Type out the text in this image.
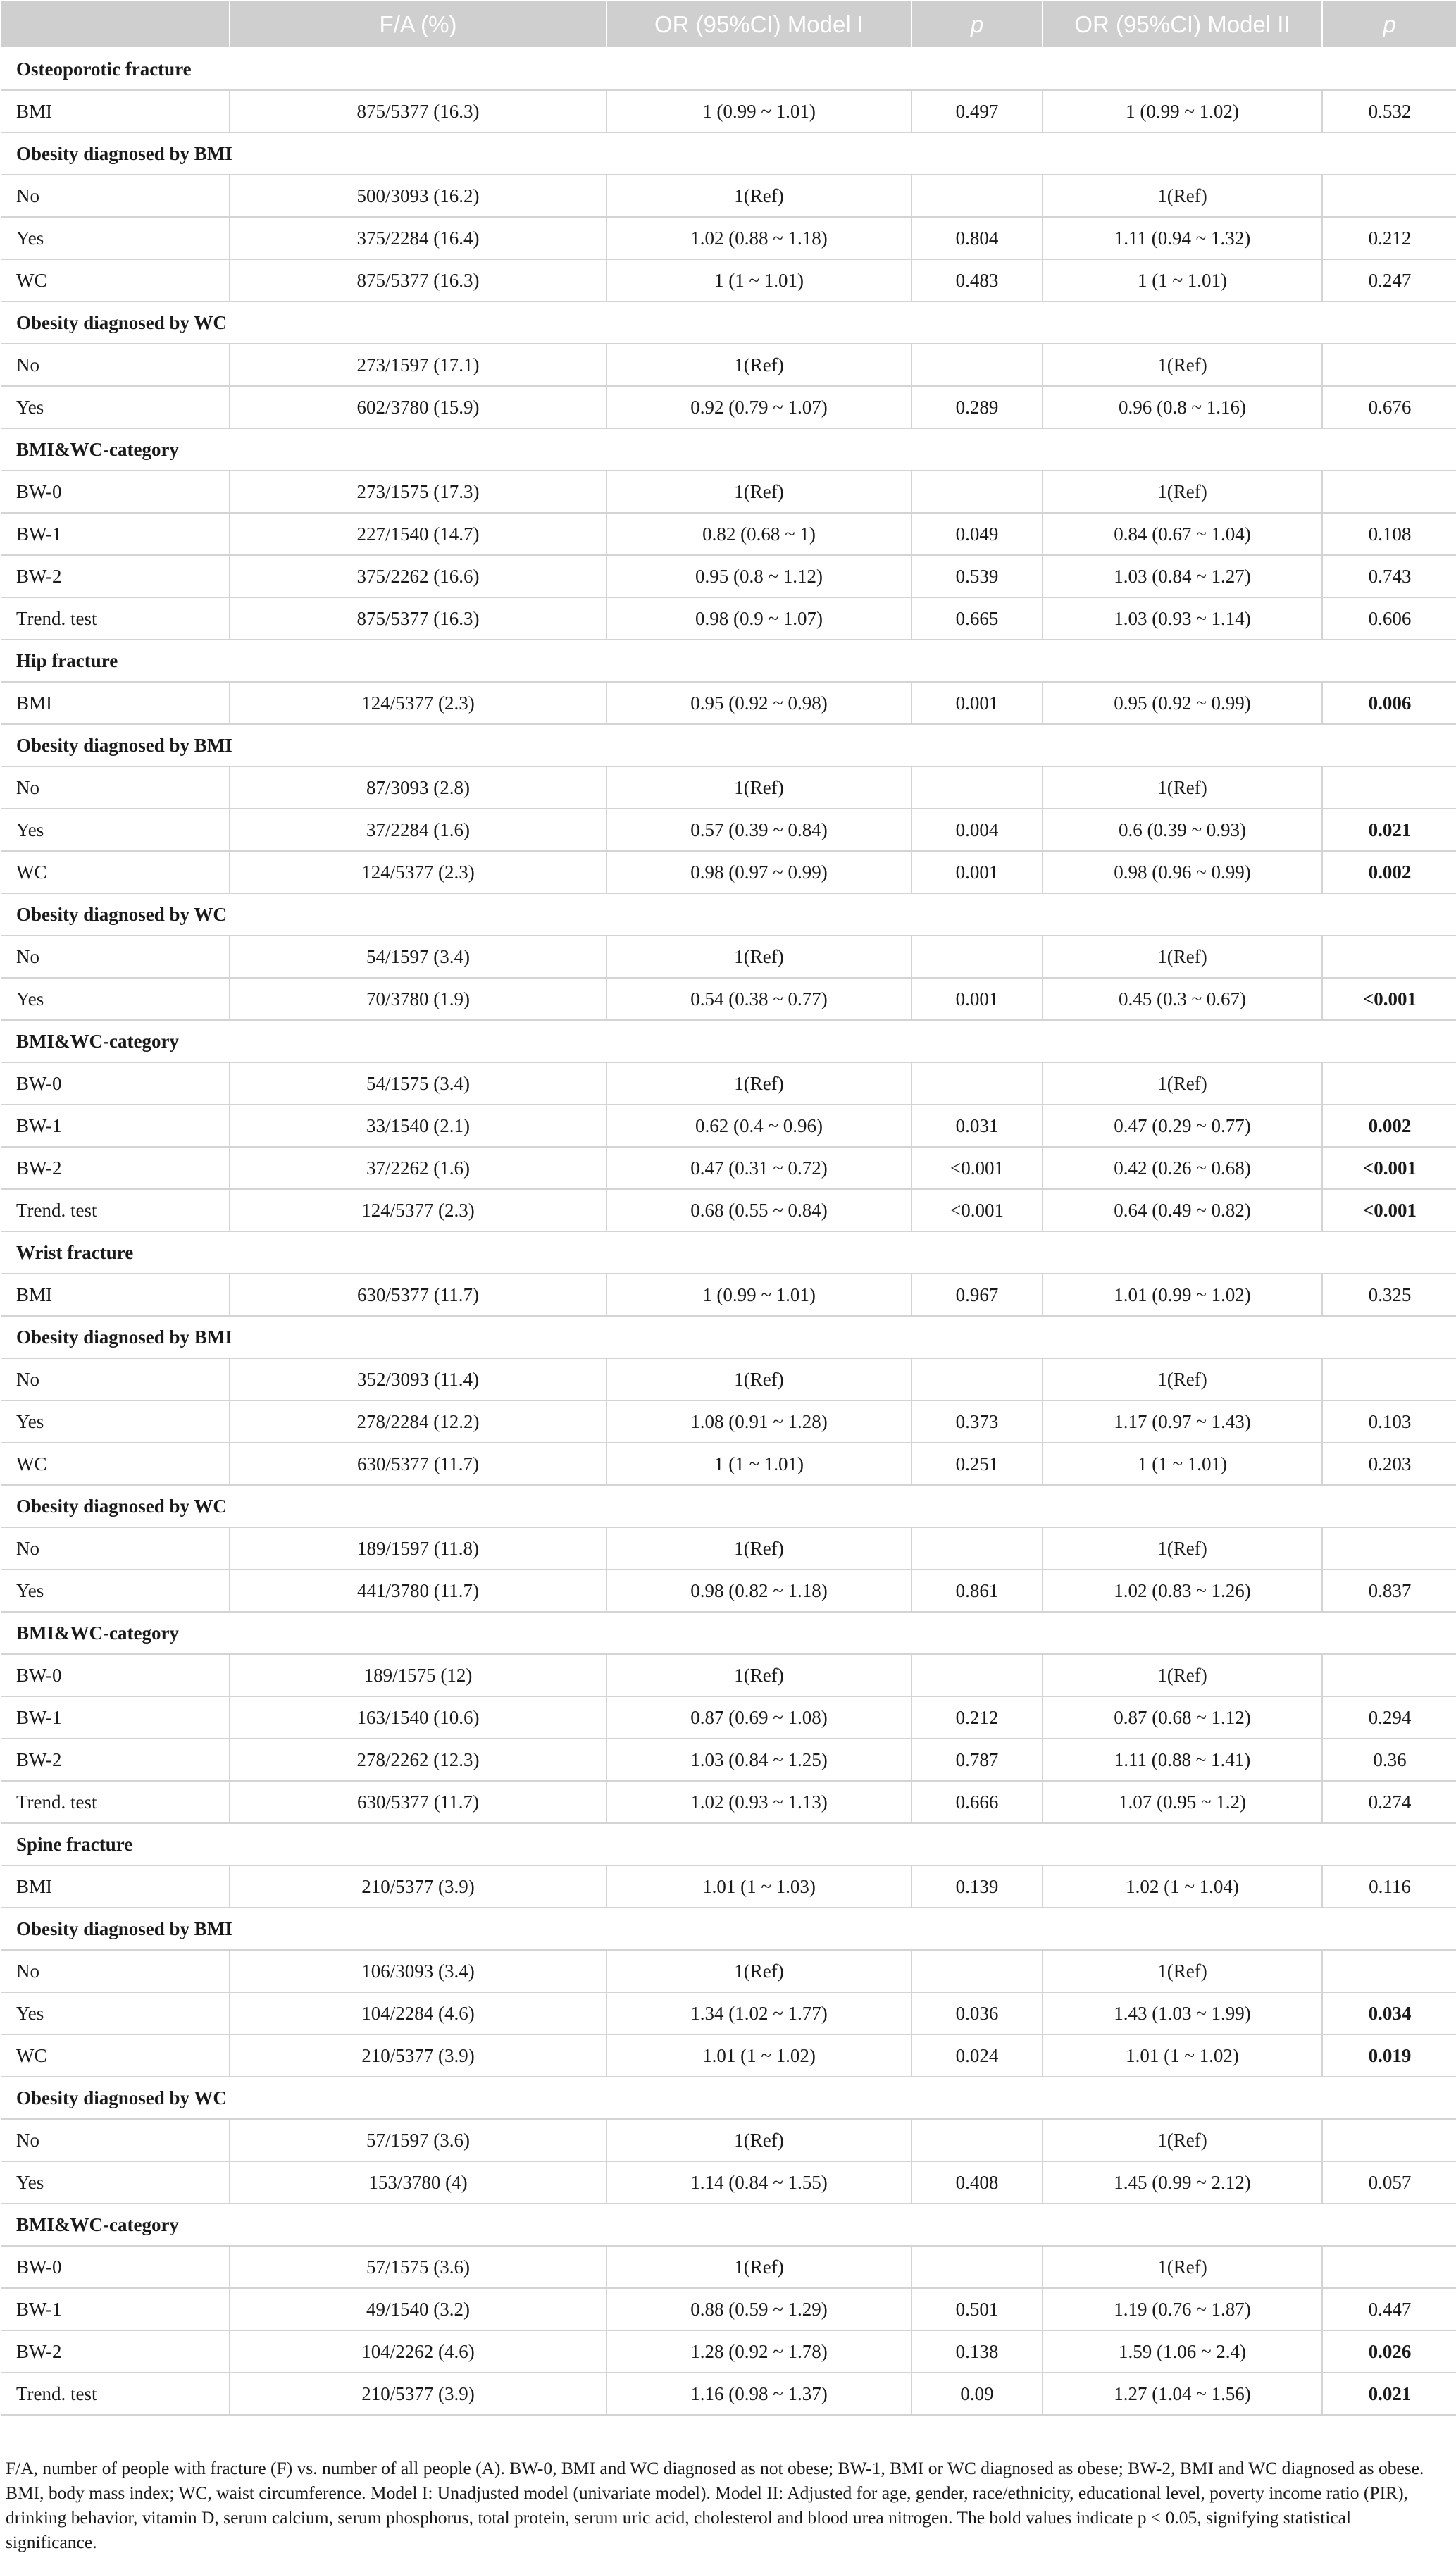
	F/A (%)	OR (95%CI) Model I	p	OR (95%CI) Model II	p
Osteoporotic fracture					
BMI	875/5377 (16.3)	1 (0.99 ~ 1.01)	0.497	1 (0.99 ~ 1.02)	0.532
Obesity diagnosed by BMI					
No	500/3093 (16.2)	1(Ref)		1(Ref)	
Yes	375/2284 (16.4)	1.02 (0.88 ~ 1.18)	0.804	1.11 (0.94 ~ 1.32)	0.212
WC	875/5377 (16.3)	1 (1 ~ 1.01)	0.483	1 (1 ~ 1.01)	0.247
Obesity diagnosed by WC					
No	273/1597 (17.1)	1(Ref)		1(Ref)	
Yes	602/3780 (15.9)	0.92 (0.79 ~ 1.07)	0.289	0.96 (0.8 ~ 1.16)	0.676
BMI&WC-category					
BW-0	273/1575 (17.3)	1(Ref)		1(Ref)	
BW-1	227/1540 (14.7)	0.82 (0.68 ~ 1)	0.049	0.84 (0.67 ~ 1.04)	0.108
BW-2	375/2262 (16.6)	0.95 (0.8 ~ 1.12)	0.539	1.03 (0.84 ~ 1.27)	0.743
Trend. test	875/5377 (16.3)	0.98 (0.9 ~ 1.07)	0.665	1.03 (0.93 ~ 1.14)	0.606
Hip fracture					
BMI	124/5377 (2.3)	0.95 (0.92 ~ 0.98)	0.001	0.95 (0.92 ~ 0.99)	0.006
Obesity diagnosed by BMI					
No	87/3093 (2.8)	1(Ref)		1(Ref)	
Yes	37/2284 (1.6)	0.57 (0.39 ~ 0.84)	0.004	0.6 (0.39 ~ 0.93)	0.021
WC	124/5377 (2.3)	0.98 (0.97 ~ 0.99)	0.001	0.98 (0.96 ~ 0.99)	0.002
Obesity diagnosed by WC					
No	54/1597 (3.4)	1(Ref)		1(Ref)	
Yes	70/3780 (1.9)	0.54 (0.38 ~ 0.77)	0.001	0.45 (0.3 ~ 0.67)	<0.001
BMI&WC-category					
BW-0	54/1575 (3.4)	1(Ref)		1(Ref)	
BW-1	33/1540 (2.1)	0.62 (0.4 ~ 0.96)	0.031	0.47 (0.29 ~ 0.77)	0.002
BW-2	37/2262 (1.6)	0.47 (0.31 ~ 0.72)	<0.001	0.42 (0.26 ~ 0.68)	<0.001
Trend. test	124/5377 (2.3)	0.68 (0.55 ~ 0.84)	<0.001	0.64 (0.49 ~ 0.82)	<0.001
Wrist fracture					
BMI	630/5377 (11.7)	1 (0.99 ~ 1.01)	0.967	1.01 (0.99 ~ 1.02)	0.325
Obesity diagnosed by BMI					
No	352/3093 (11.4)	1(Ref)		1(Ref)	
Yes	278/2284 (12.2)	1.08 (0.91 ~ 1.28)	0.373	1.17 (0.97 ~ 1.43)	0.103
WC	630/5377 (11.7)	1 (1 ~ 1.01)	0.251	1 (1 ~ 1.01)	0.203
Obesity diagnosed by WC					
No	189/1597 (11.8)	1(Ref)		1(Ref)	
Yes	441/3780 (11.7)	0.98 (0.82 ~ 1.18)	0.861	1.02 (0.83 ~ 1.26)	0.837
BMI&WC-category					
BW-0	189/1575 (12)	1(Ref)		1(Ref)	
BW-1	163/1540 (10.6)	0.87 (0.69 ~ 1.08)	0.212	0.87 (0.68 ~ 1.12)	0.294
BW-2	278/2262 (12.3)	1.03 (0.84 ~ 1.25)	0.787	1.11 (0.88 ~ 1.41)	0.36
Trend. test	630/5377 (11.7)	1.02 (0.93 ~ 1.13)	0.666	1.07 (0.95 ~ 1.2)	0.274
Spine fracture					
BMI	210/5377 (3.9)	1.01 (1 ~ 1.03)	0.139	1.02 (1 ~ 1.04)	0.116
Obesity diagnosed by BMI					
No	106/3093 (3.4)	1(Ref)		1(Ref)	
Yes	104/2284 (4.6)	1.34 (1.02 ~ 1.77)	0.036	1.43 (1.03 ~ 1.99)	0.034
WC	210/5377 (3.9)	1.01 (1 ~ 1.02)	0.024	1.01 (1 ~ 1.02)	0.019
Obesity diagnosed by WC					
No	57/1597 (3.6)	1(Ref)		1(Ref)	
Yes	153/3780 (4)	1.14 (0.84 ~ 1.55)	0.408	1.45 (0.99 ~ 2.12)	0.057
BMI&WC-category					
BW-0	57/1575 (3.6)	1(Ref)		1(Ref)	
BW-1	49/1540 (3.2)	0.88 (0.59 ~ 1.29)	0.501	1.19 (0.76 ~ 1.87)	0.447
BW-2	104/2262 (4.6)	1.28 (0.92 ~ 1.78)	0.138	1.59 (1.06 ~ 2.4)	0.026
Trend. test	210/5377 (3.9)	1.16 (0.98 ~ 1.37)	0.09	1.27 (1.04 ~ 1.56)	0.021
F/A, number of people with fracture (F) vs. number of all people (A). BW-0, BMI and WC diagnosed as not obese; BW-1, BMI or WC diagnosed as obese; BW-2, BMI and WC diagnosed as obese. BMI, body mass index; WC, waist circumference. Model I: Unadjusted model (univariate model). Model II: Adjusted for age, gender, race/ethnicity, educational level, poverty income ratio (PIR), drinking behavior, vitamin D, serum calcium, serum phosphorus, total protein, serum uric acid, cholesterol and blood urea nitrogen. The bold values indicate p < 0.05, signifying statistical significance.
